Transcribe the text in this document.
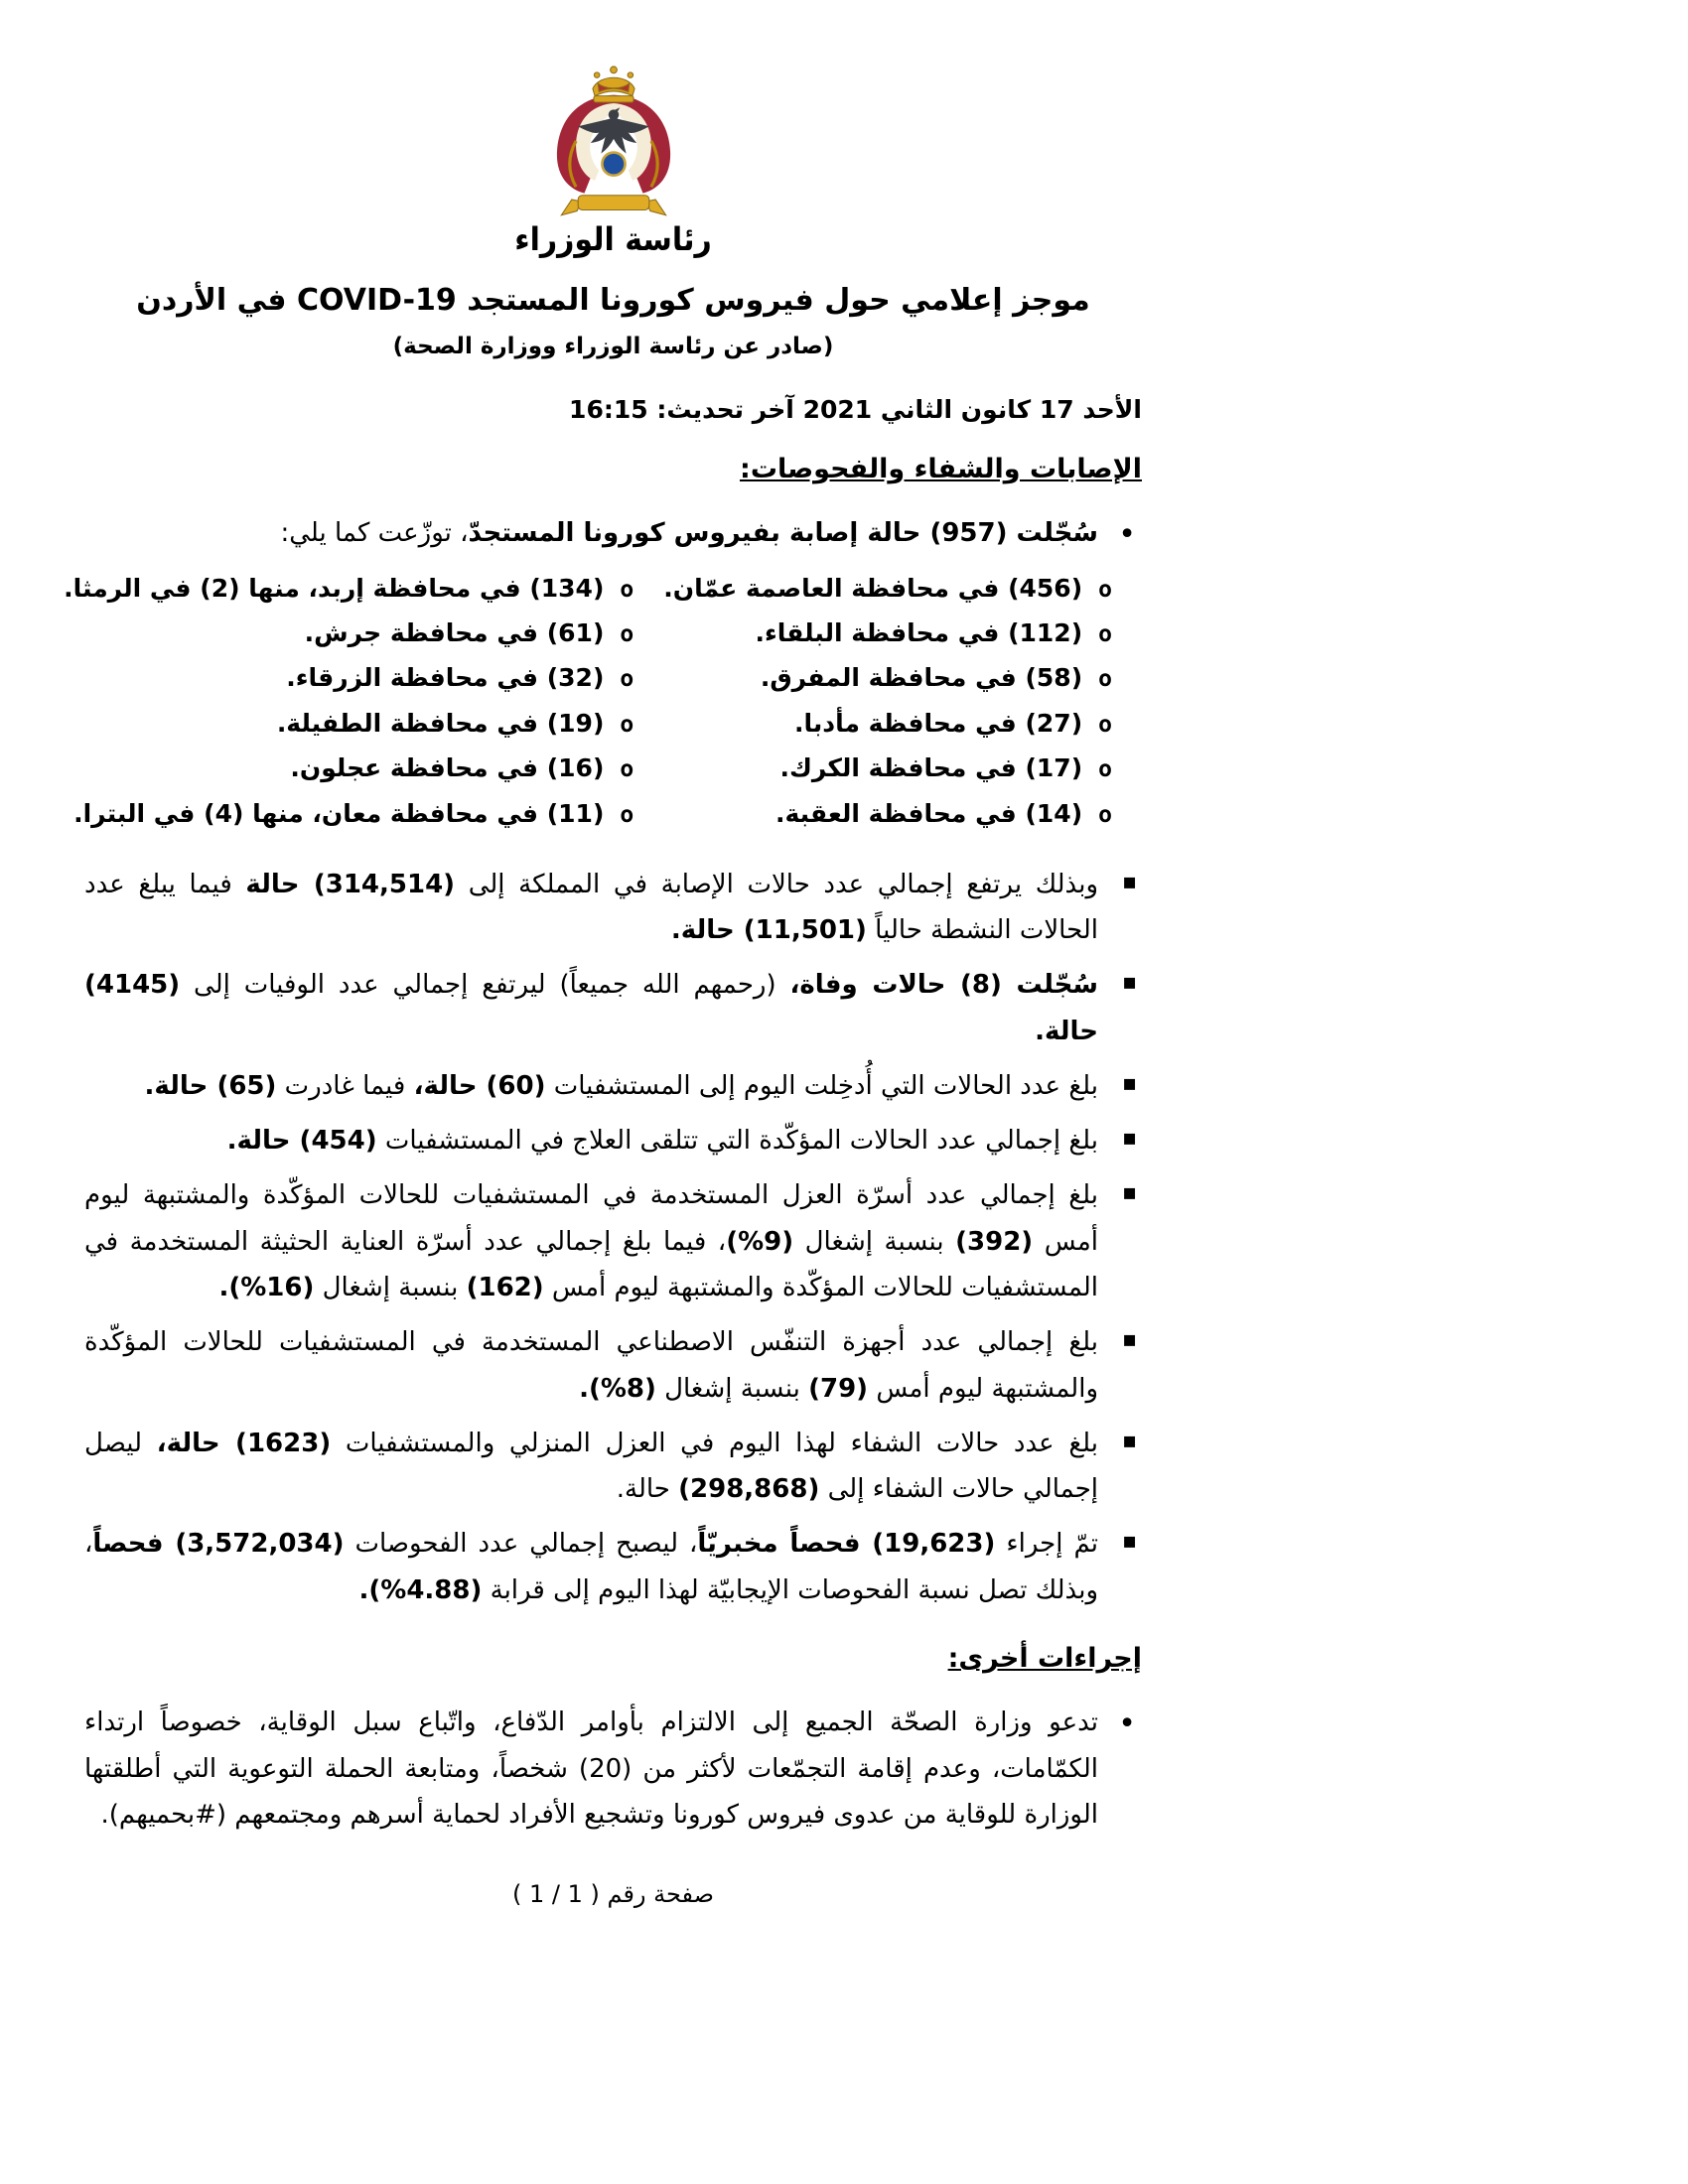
رئاسة الوزراء
موجز إعلامي حول فيروس كورونا المستجد COVID-19 في الأردن
(صادر عن رئاسة الوزراء ووزارة الصحة)
الأحد 17 كانون الثاني 2021 آخر تحديث: 16:15
الإصابات والشفاء والفحوصات:
• سُجّلت (957) حالة إصابة بفيروس كورونا المستجدّ، توزّعت كما يلي:
o(456) في محافظة العاصمة عمّان.
o(134) في محافظة إربد، منها (2) في الرمثا.
o(112) في محافظة البلقاء.
o(61) في محافظة جرش.
o(58) في محافظة المفرق.
o(32) في محافظة الزرقاء.
o(27) في محافظة مأدبا.
o(19) في محافظة الطفيلة.
o(17) في محافظة الكرك.
o(16) في محافظة عجلون.
o(14) في محافظة العقبة.
o(11) في محافظة معان، منها (4) في البترا.
▪ وبذلك يرتفع إجمالي عدد حالات الإصابة في المملكة إلى (314,514) حالة فيما يبلغ عدد الحالات النشطة حالياً (11,501) حالة.
▪ سُجّلت (8) حالات وفاة، (رحمهم الله جميعاً) ليرتفع إجمالي عدد الوفيات إلى (4145) حالة.
▪ بلغ عدد الحالات التي أُدخِلت اليوم إلى المستشفيات (60) حالة، فيما غادرت (65) حالة.
▪ بلغ إجمالي عدد الحالات المؤكّدة التي تتلقى العلاج في المستشفيات (454) حالة.
▪ بلغ إجمالي عدد أسرّة العزل المستخدمة في المستشفيات للحالات المؤكّدة والمشتبهة ليوم أمس (392) بنسبة إشغال (9%)، فيما بلغ إجمالي عدد أسرّة العناية الحثيثة المستخدمة في المستشفيات للحالات المؤكّدة والمشتبهة ليوم أمس (162) بنسبة إشغال (16%).
▪ بلغ إجمالي عدد أجهزة التنفّس الاصطناعي المستخدمة في المستشفيات للحالات المؤكّدة والمشتبهة ليوم أمس (79) بنسبة إشغال (8%).
▪ بلغ عدد حالات الشفاء لهذا اليوم في العزل المنزلي والمستشفيات (1623) حالة، ليصل إجمالي حالات الشفاء إلى (298,868) حالة.
▪ تمّ إجراء (19,623) فحصاً مخبريّاً، ليصبح إجمالي عدد الفحوصات (3,572,034) فحصاً، وبذلك تصل نسبة الفحوصات الإيجابيّة لهذا اليوم إلى قرابة (4.88%).
إجراءات أخرى:
• تدعو وزارة الصحّة الجميع إلى الالتزام بأوامر الدّفاع، واتّباع سبل الوقاية، خصوصاً ارتداء الكمّامات، وعدم إقامة التجمّعات لأكثر من (20) شخصاً، ومتابعة الحملة التوعوية التي أطلقتها الوزارة للوقاية من عدوى فيروس كورونا وتشجيع الأفراد لحماية أسرهم ومجتمعهم (#بحميهم).
صفحة رقم ( 1 / 1 )
